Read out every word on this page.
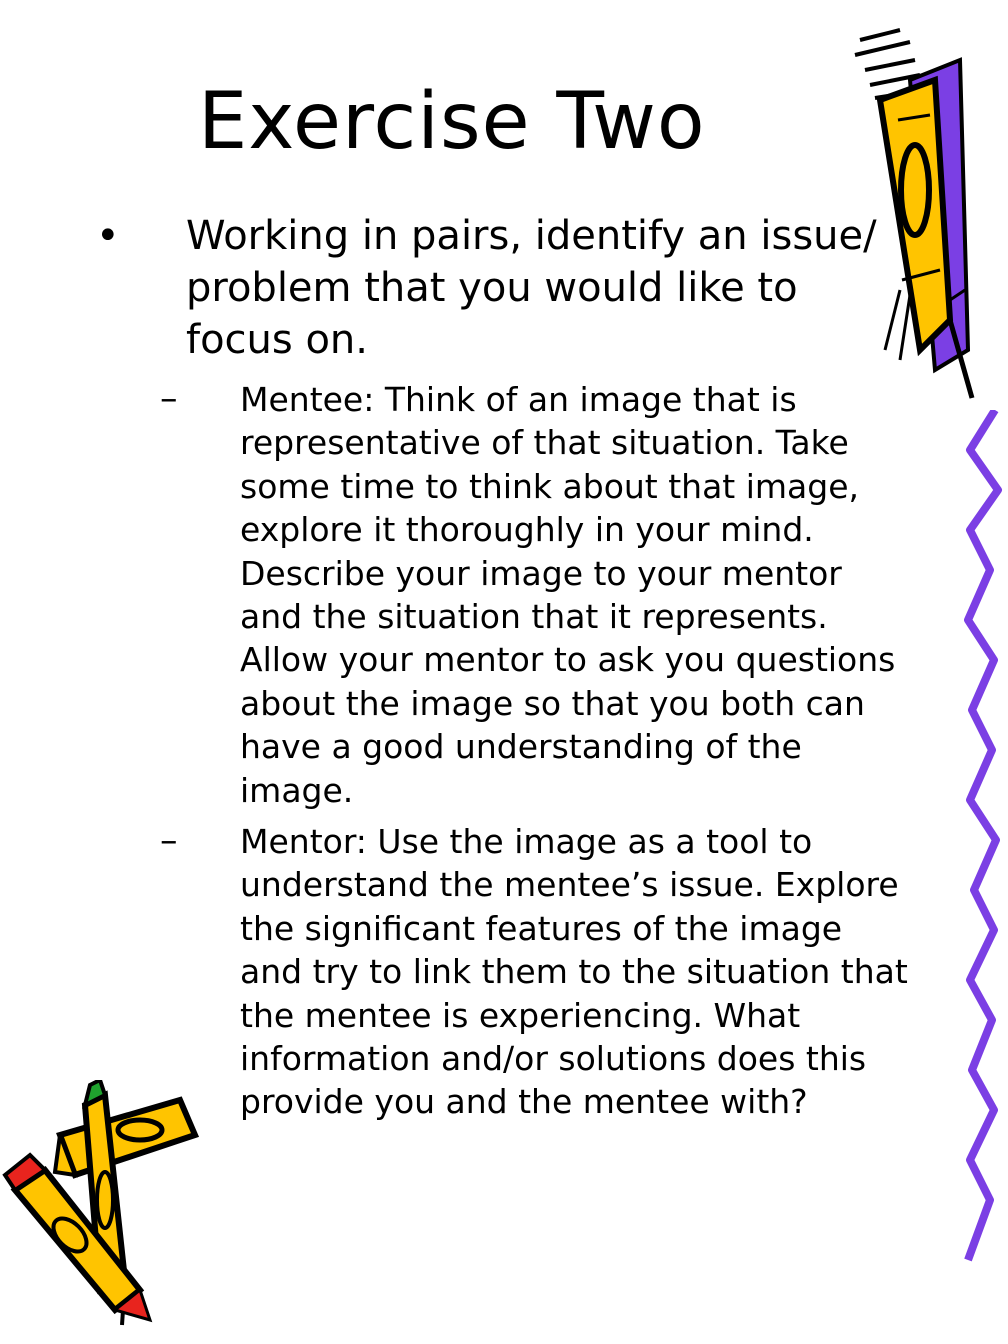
Exercise Two
• Working in pairs, identify an issue/ problem that you would like to focus on.

– Mentee: Think of an image that is representative of that situation. Take some time to think about that image, explore it thoroughly in your mind. Describe your image to your mentor and the situation that it represents. Allow your mentor to ask you questions about the image so that you both can have a good understanding of the image.

– Mentor: Use the image as a tool to understand the mentee’s issue. Explore the significant features of the image and try to link them to the situation that the mentee is experiencing. What information and/or solutions does this provide you and the mentee with?
